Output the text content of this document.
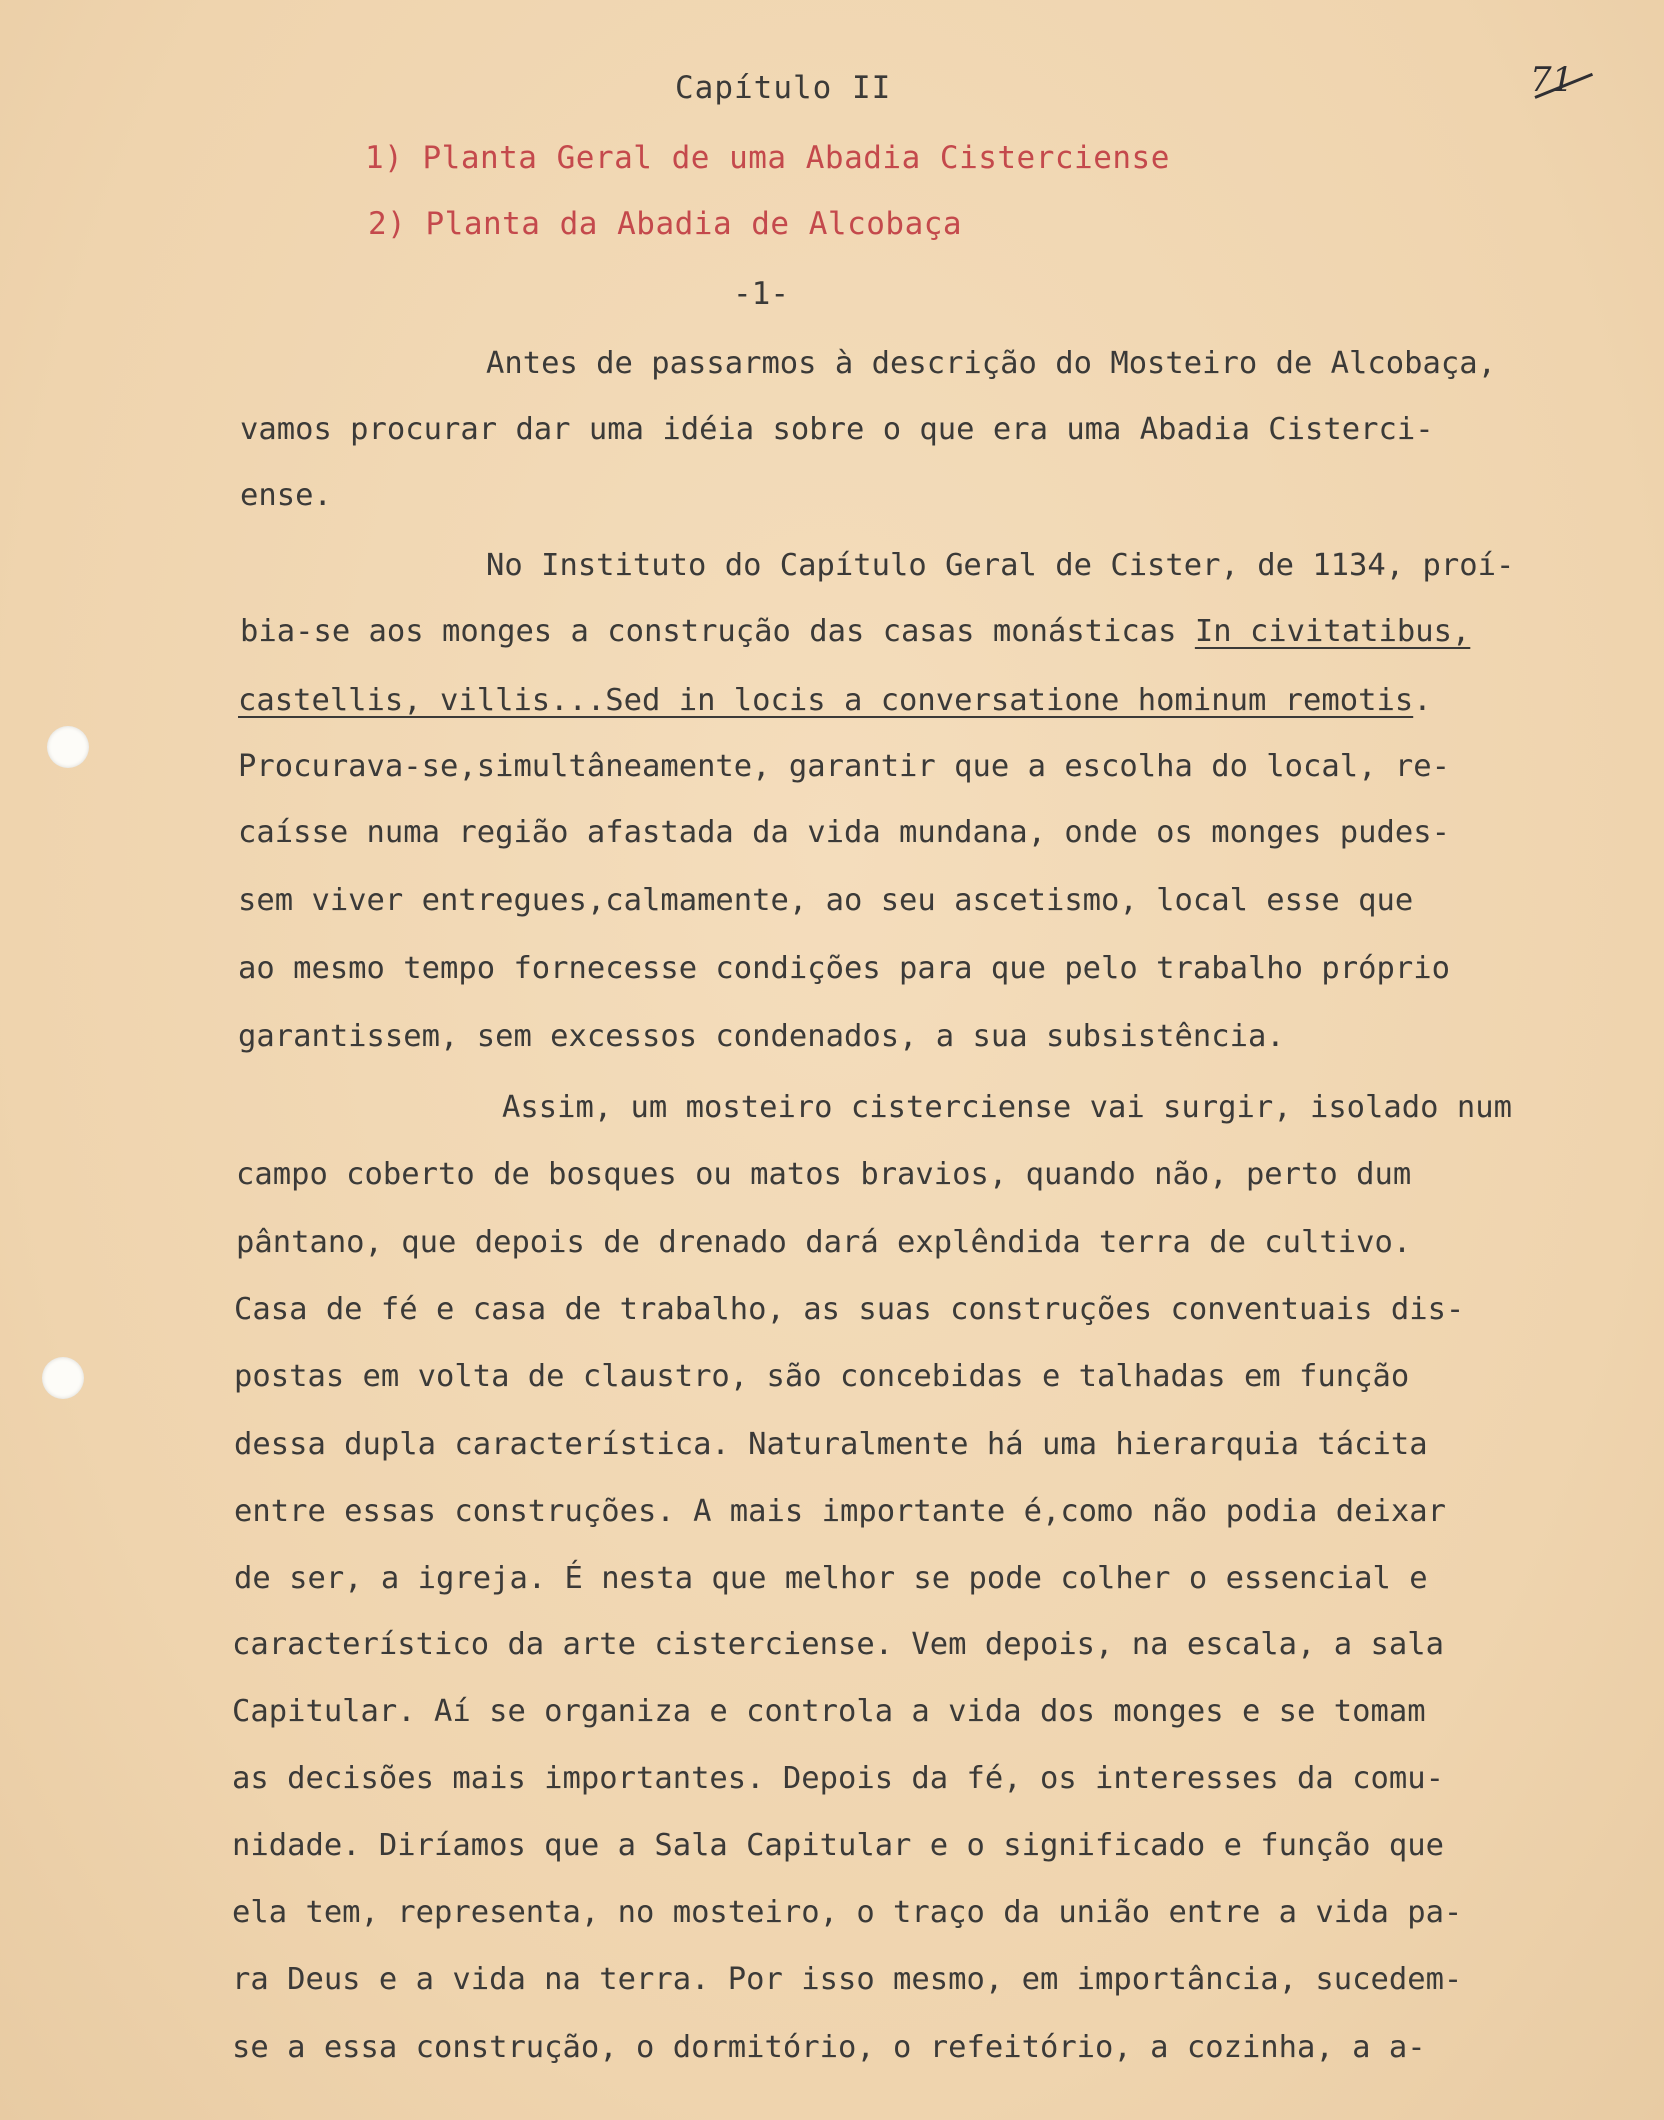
71
Capítulo II
1) Planta Geral de uma Abadia Cisterciense
2) Planta da Abadia de Alcobaça
-1-
Antes de passarmos à descrição do Mosteiro de Alcobaça,
vamos procurar dar uma idéia sobre o que era uma Abadia Cisterci-
ense.
No Instituto do Capítulo Geral de Cister, de 1134, proí-
bia-se aos monges a construção das casas monásticas In civitatibus,
castellis, villis...Sed in locis a conversatione hominum remotis.
Procurava-se,simultâneamente, garantir que a escolha do local, re-
caísse numa região afastada da vida mundana, onde os monges pudes-
sem viver entregues,calmamente, ao seu ascetismo, local esse que
ao mesmo tempo fornecesse condições para que pelo trabalho próprio
garantissem, sem excessos condenados, a sua subsistência.
Assim, um mosteiro cisterciense vai surgir, isolado num
campo coberto de bosques ou matos bravios, quando não, perto dum
pântano, que depois de drenado dará explêndida terra de cultivo.
Casa de fé e casa de trabalho, as suas construções conventuais dis-
postas em volta de claustro, são concebidas e talhadas em função
dessa dupla característica. Naturalmente há uma hierarquia tácita
entre essas construções. A mais importante é,como não podia deixar
de ser, a igreja. É nesta que melhor se pode colher o essencial e
característico da arte cisterciense. Vem depois, na escala, a sala
Capitular. Aí se organiza e controla a vida dos monges e se tomam
as decisões mais importantes. Depois da fé, os interesses da comu-
nidade. Diríamos que a Sala Capitular e o significado e função que
ela tem, representa, no mosteiro, o traço da união entre a vida pa-
ra Deus e a vida na terra. Por isso mesmo, em importância, sucedem-
se a essa construção, o dormitório, o refeitório, a cozinha, a a-
